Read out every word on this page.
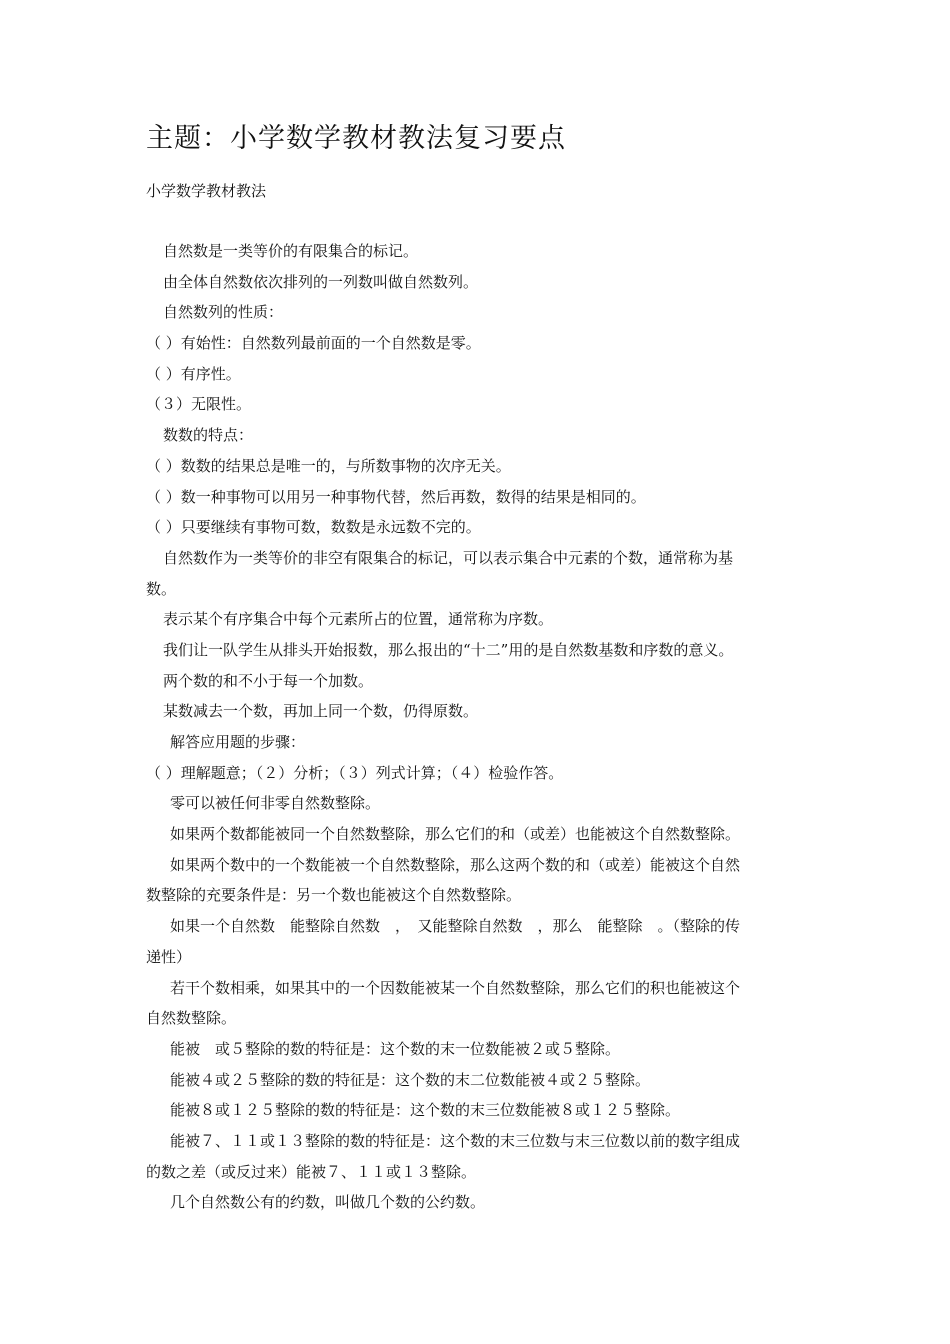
主题：小学数学教材教法复习要点

小学数学教材教法

自然数是一类等价的有限集合的标记。
由全体自然数依次排列的一列数叫做自然数列。
自然数列的性质：
（ ）有始性：自然数列最前面的一个自然数是零。
（ ）有序性。
（３）无限性。
数数的特点：
（ ）数数的结果总是唯一的，与所数事物的次序无关。
（ ）数一种事物可以用另一种事物代替，然后再数，数得的结果是相同的。
（ ）只要继续有事物可数，数数是永远数不完的。
自然数作为一类等价的非空有限集合的标记，可以表示集合中元素的个数，通常称为基
数。
表示某个有序集合中每个元素所占的位置，通常称为序数。
我们让一队学生从排头开始报数，那么报出的“十二”用的是自然数基数和序数的意义。
两个数的和不小于每一个加数。
某数减去一个数，再加上同一个数，仍得原数。
解答应用题的步骤：
（ ）理解题意；（２）分析；（３）列式计算；（４）检验作答。
零可以被任何非零自然数整除。
如果两个数都能被同一个自然数整除，那么它们的和（或差）也能被这个自然数整除。
如果两个数中的一个数能被一个自然数整除，那么这两个数的和（或差）能被这个自然
数整除的充要条件是：另一个数也能被这个自然数整除。
如果一个自然数　能整除自然数　，　又能整除自然数　，那么　能整除　。（整除的传
递性）
若干个数相乘，如果其中的一个因数能被某一个自然数整除，那么它们的积也能被这个
自然数整除。
能被　或５整除的数的特征是：这个数的末一位数能被２或５整除。
能被４或２５整除的数的特征是：这个数的末二位数能被４或２５整除。
能被８或１２５整除的数的特征是：这个数的末三位数能被８或１２５整除。
能被７、１１或１３整除的数的特征是：这个数的末三位数与末三位数以前的数字组成
的数之差（或反过来）能被７、１１或１３整除。
几个自然数公有的约数，叫做几个数的公约数。
